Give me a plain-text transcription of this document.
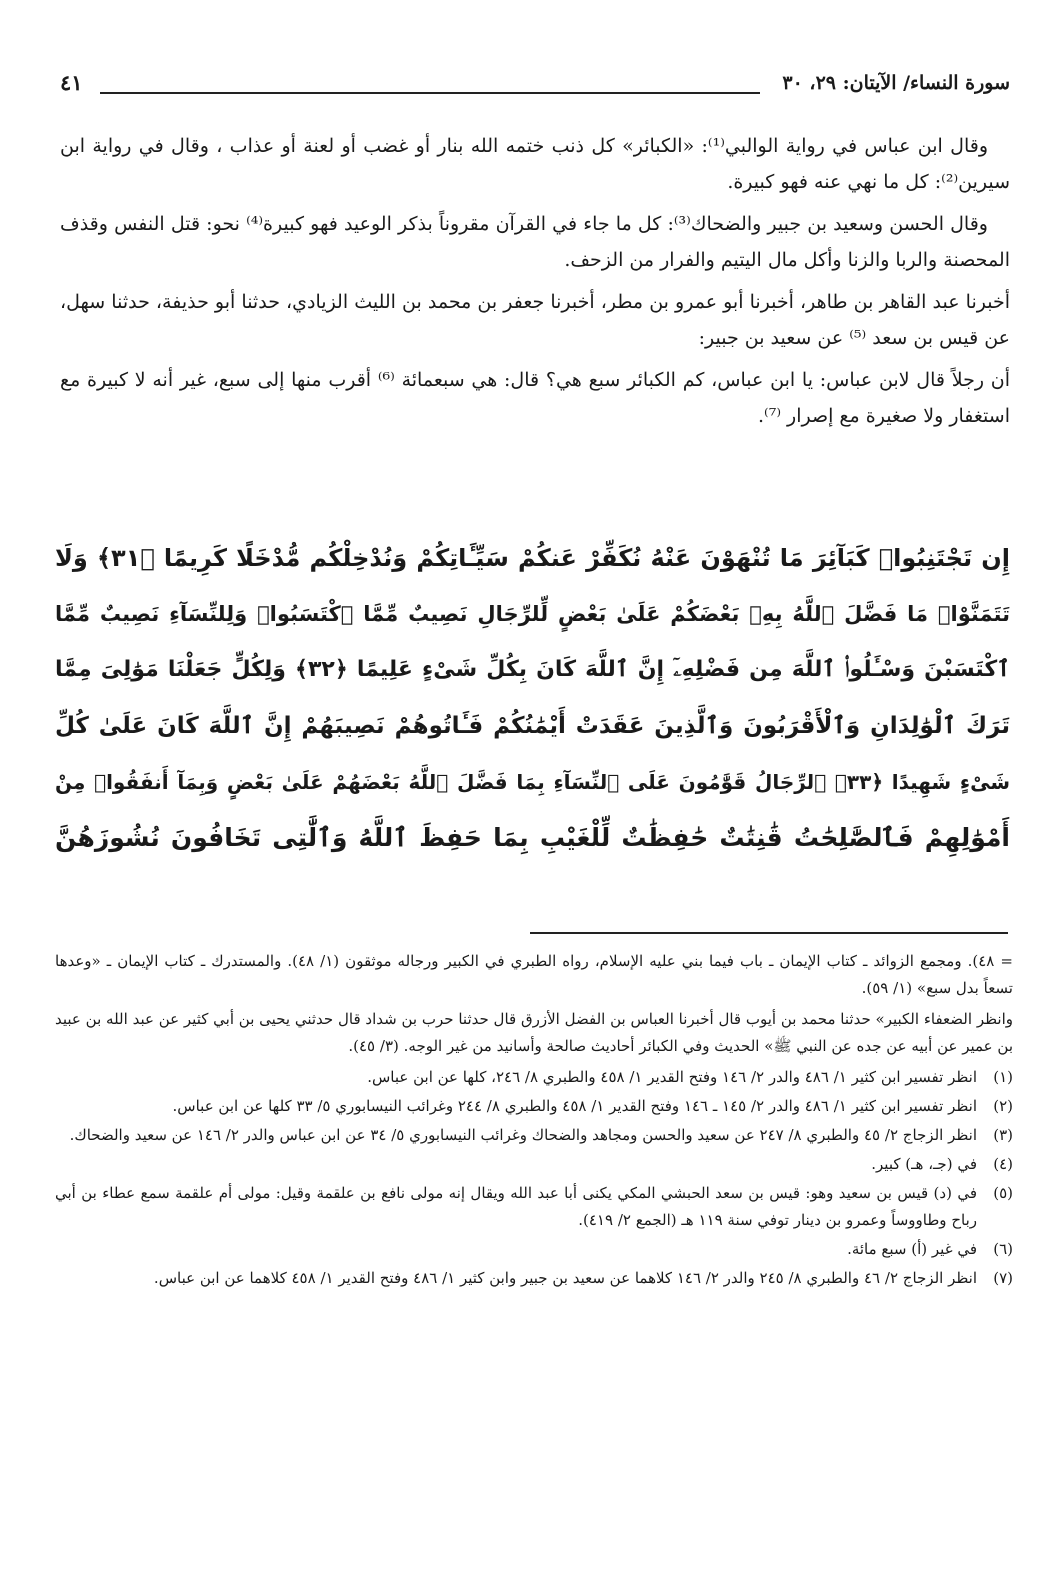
سورة النساء/ الآيتان: ٢٩، ٣٠
٤١

وقال ابن عباس في رواية الوالبي⁽¹⁾: «الكبائر» كل ذنب ختمه الله بنار أو غضب أو لعنة أو عذاب ، وقال في رواية ابن سيرين⁽²⁾: كل ما نهي عنه فهو كبيرة.

وقال الحسن وسعيد بن جبير والضحاك⁽³⁾: كل ما جاء في القرآن مقروناً بذكر الوعيد فهو كبيرة⁽⁴⁾ نحو: قتل النفس وقذف المحصنة والربا والزنا وأكل مال اليتيم والفرار من الزحف.

أخبرنا عبد القاهر بن طاهر، أخبرنا أبو عمرو بن مطر، أخبرنا جعفر بن محمد بن الليث الزيادي، حدثنا أبو حذيفة، حدثنا سهل، عن قيس بن سعد ⁽⁵⁾ عن سعيد بن جبير:

أن رجلاً قال لابن عباس: يا ابن عباس، كم الكبائر سبع هي؟ قال: هي سبعمائة ⁽⁶⁾ أقرب منها إلى سبع، غير أنه لا كبيرة مع استغفار ولا صغيرة مع إصرار ⁽⁷⁾.

إِن تَجْتَنِبُوا۟ كَبَآئِرَ مَا تُنْهَوْنَ عَنْهُ نُكَفِّرْ عَنكُمْ سَيِّـَٔاتِكُمْ وَنُدْخِلْكُم مُّدْخَلًا كَرِيمًا ﴿٣١﴾ وَلَا
تَتَمَنَّوْا۟ مَا فَضَّلَ ٱللَّهُ بِهِۦ بَعْضَكُمْ عَلَىٰ بَعْضٍ لِّلرِّجَالِ نَصِيبٌ مِّمَّا ٱكْتَسَبُوا۟ وَلِلنِّسَآءِ نَصِيبٌ مِّمَّا
ٱكْتَسَبْنَ وَسْـَٔلُوا۟ ٱللَّهَ مِن فَضْلِهِۦٓ إِنَّ ٱللَّهَ كَانَ بِكُلِّ شَىْءٍ عَلِيمًا ﴿٣٢﴾ وَلِكُلٍّ جَعَلْنَا مَوَٰلِىَ مِمَّا
تَرَكَ ٱلْوَٰلِدَانِ وَٱلْأَقْرَبُونَ وَٱلَّذِينَ عَقَدَتْ أَيْمَٰنُكُمْ فَـَٔاتُوهُمْ نَصِيبَهُمْ إِنَّ ٱللَّهَ كَانَ عَلَىٰ كُلِّ
شَىْءٍ شَهِيدًا ﴿٣٣﴾ ٱلرِّجَالُ قَوَّٰمُونَ عَلَى ٱلنِّسَآءِ بِمَا فَضَّلَ ٱللَّهُ بَعْضَهُمْ عَلَىٰ بَعْضٍ وَبِمَآ أَنفَقُوا۟ مِنْ
أَمْوَٰلِهِمْ فَٱلصَّٰلِحَٰتُ قَٰنِتَٰتٌ حَٰفِظَٰتٌ لِّلْغَيْبِ بِمَا حَفِظَ ٱللَّهُ وَٱلَّٰتِى تَخَافُونَ نُشُوزَهُنَّ

= ٤٨). ومجمع الزوائد ـ كتاب الإيمان ـ باب فيما بني عليه الإسلام، رواه الطبري في الكبير ورجاله موثقون (١/ ٤٨). والمستدرك ـ كتاب الإيمان ـ «وعدها تسعاً بدل سبع» (١/ ٥٩).

وانظر الضعفاء الكبير» حدثنا محمد بن أيوب قال أخبرنا العباس بن الفضل الأزرق قال حدثنا حرب بن شداد قال حدثني يحيى بن أبي كثير عن عبد الله بن عبيد بن عمير عن أبيه عن جده عن النبي ﷺ» الحديث وفي الكبائر أحاديث صالحة وأسانيد من غير الوجه. (٣/ ٤٥).

(١)انظر تفسير ابن كثير ١/ ٤٨٦ والدر ٢/ ١٤٦ وفتح القدير ١/ ٤٥٨ والطبري ٨/ ٢٤٦، كلها عن ابن عباس.

(٢)انظر تفسير ابن كثير ١/ ٤٨٦ والدر ٢/ ١٤٥ ـ ١٤٦ وفتح القدير ١/ ٤٥٨ والطبري ٨/ ٢٤٤ وغرائب النيسابوري ٥/ ٣٣ كلها عن ابن عباس.

(٣)انظر الزجاج ٢/ ٤٥ والطبري ٨/ ٢٤٧ عن سعيد والحسن ومجاهد والضحاك وغرائب النيسابوري ٥/ ٣٤ عن ابن عباس والدر ٢/ ١٤٦ عن سعيد والضحاك.

(٤)في (جـ، هـ) كبير.

(٥)في (د) قيس بن سعيد وهو: قيس بن سعد الحبشي المكي يكنى أبا عبد الله ويقال إنه مولى نافع بن علقمة وقيل: مولى أم علقمة سمع عطاء بن أبي رباح وطاووساً وعمرو بن دينار توفي سنة ١١٩ هـ (الجمع ٢/ ٤١٩).

(٦)في غير (أ) سبع مائة.

(٧)انظر الزجاج ٢/ ٤٦ والطبري ٨/ ٢٤٥ والدر ٢/ ١٤٦ كلاهما عن سعيد بن جبير وابن كثير ١/ ٤٨٦ وفتح القدير ١/ ٤٥٨ كلاهما عن ابن عباس.
